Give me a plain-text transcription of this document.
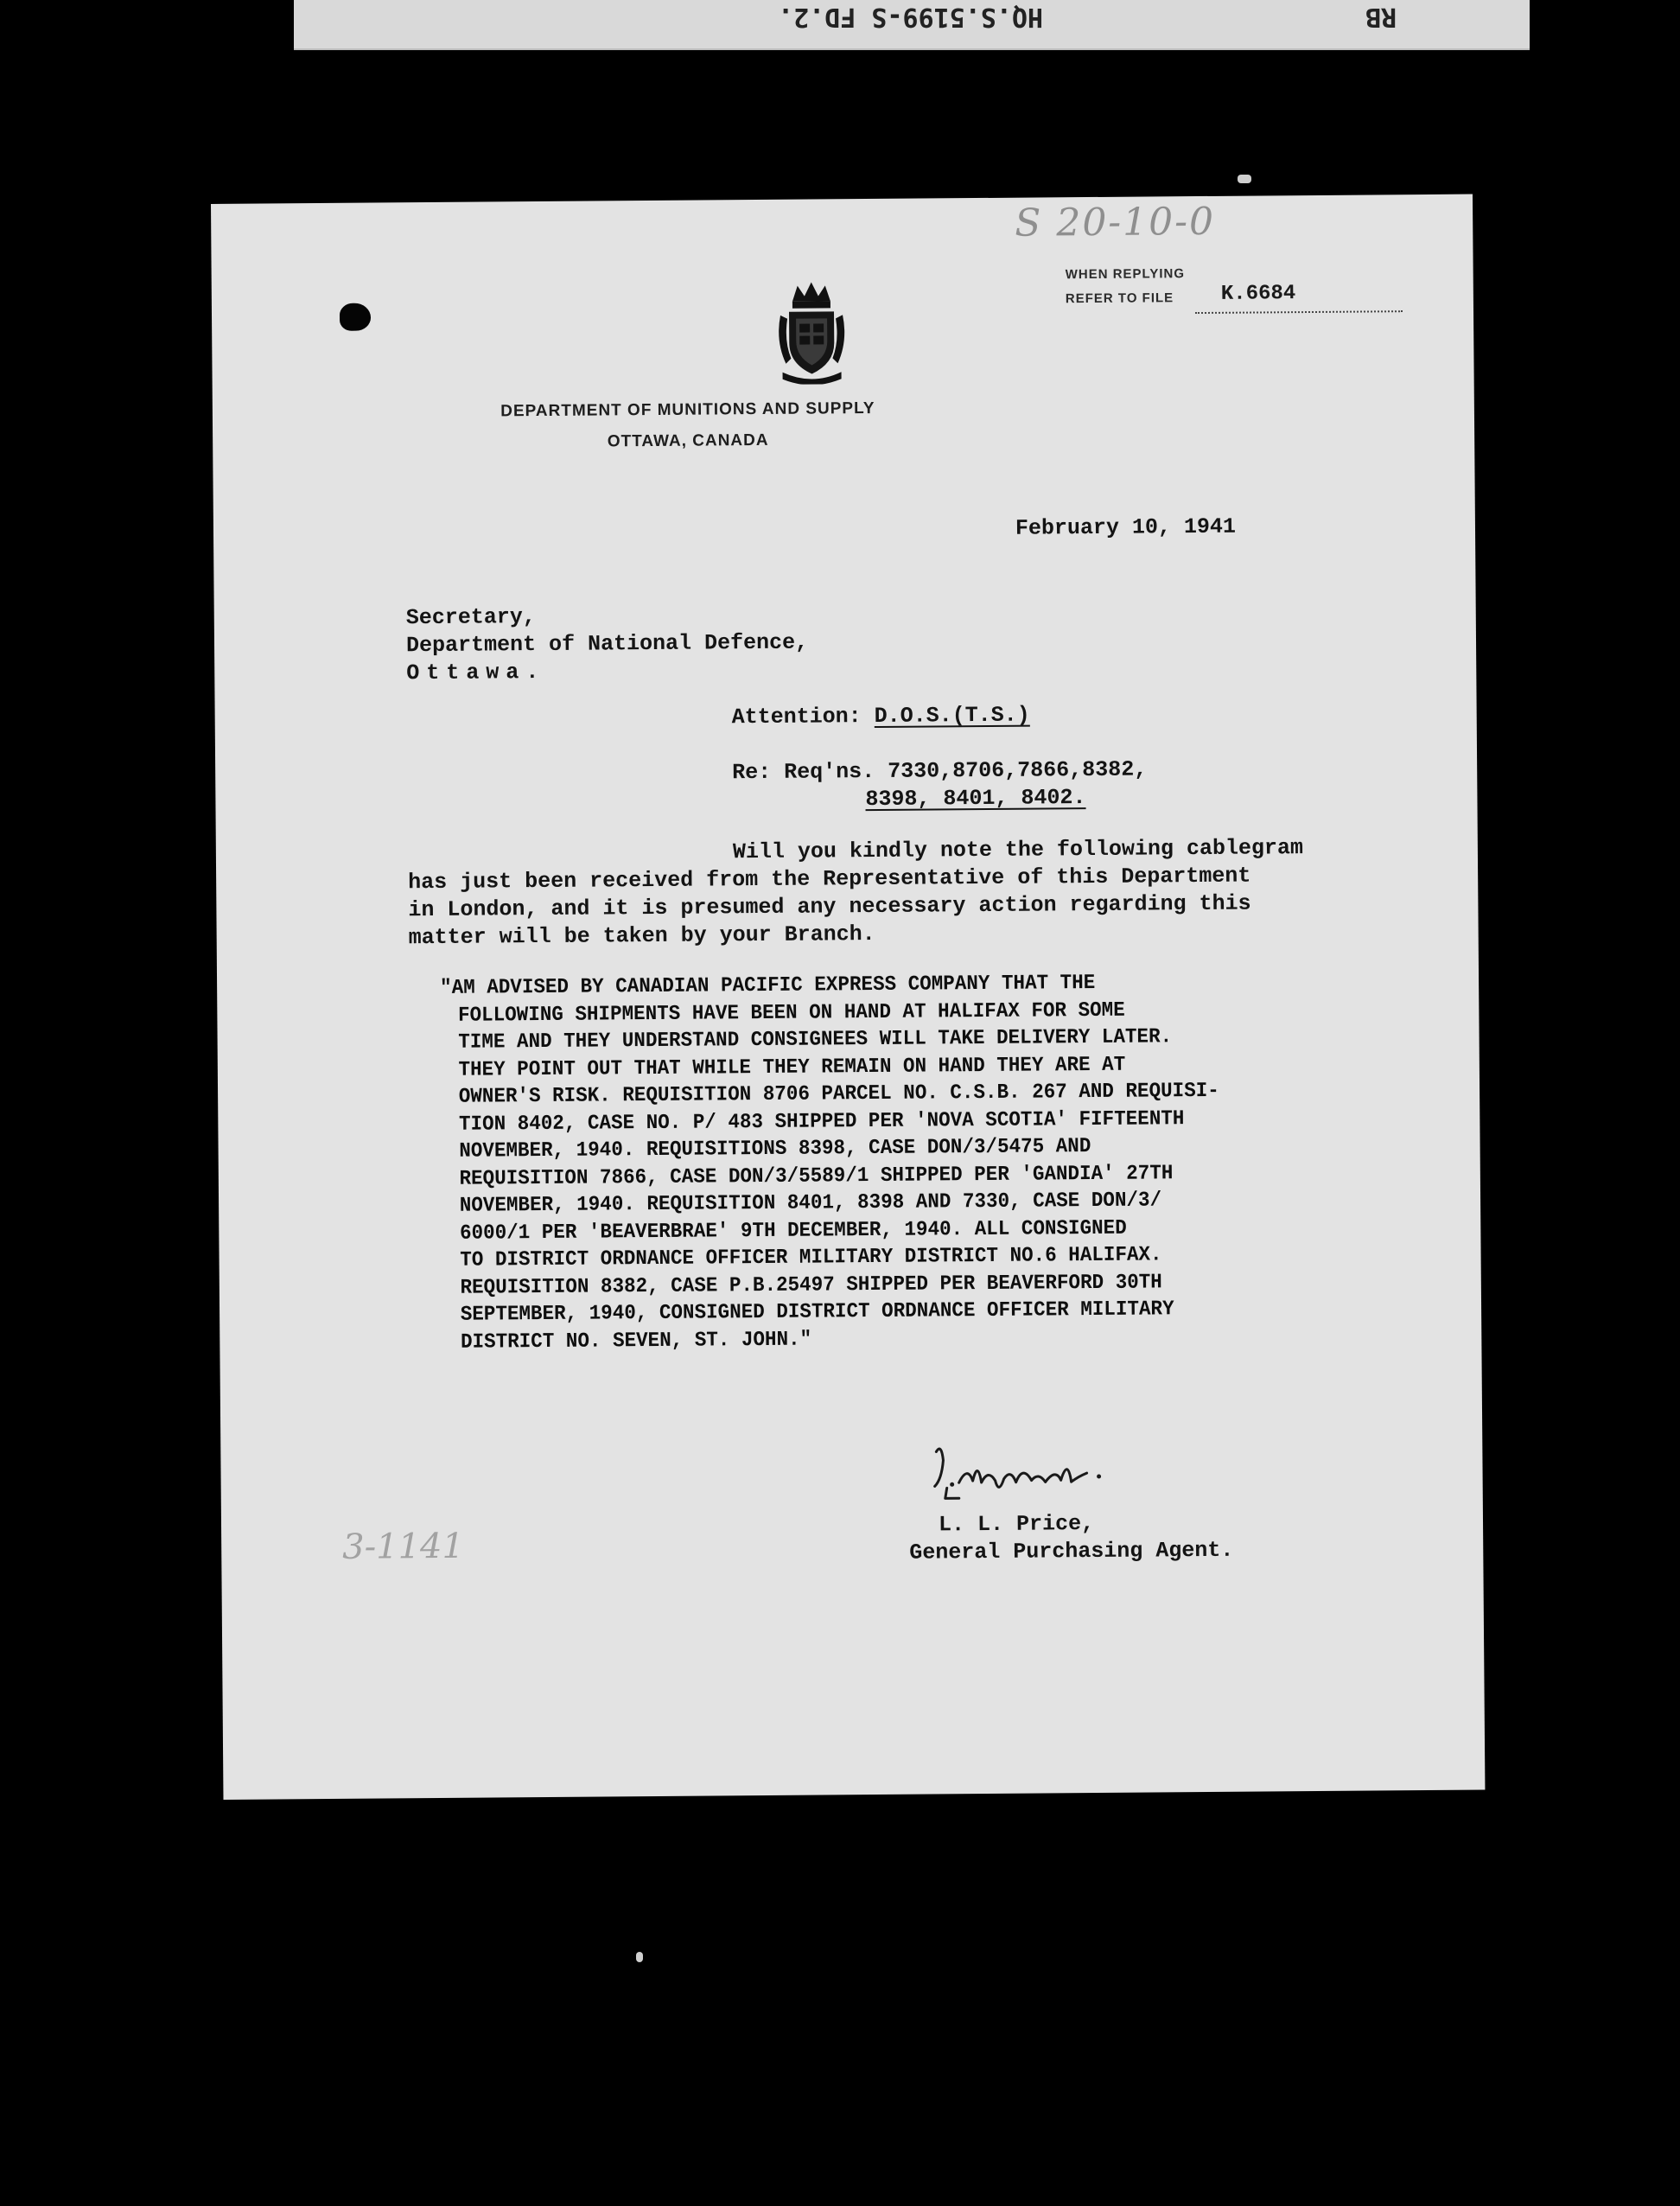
HQ.S.5199-S FD.2.	RB
S 20-10-0
WHEN REPLYING
REFER TO FILE	K.6684
DEPARTMENT OF MUNITIONS AND SUPPLY
OTTAWA, CANADA
February 10, 1941
Secretary,
Department of National Defence,
Ottawa.
Attention: D.O.S.(T.S.)
Re: Req'ns. 7330,8706,7866,8382,
8398, 8401, 8402.
Will you kindly note the following cablegram
has just been received from the Representative of this Department
in London, and it is presumed any necessary action regarding this
matter will be taken by your Branch.
"AM ADVISED BY CANADIAN PACIFIC EXPRESS COMPANY THAT THE
FOLLOWING SHIPMENTS HAVE BEEN ON HAND AT HALIFAX FOR SOME
TIME AND THEY UNDERSTAND CONSIGNEES WILL TAKE DELIVERY LATER.
THEY POINT OUT THAT WHILE THEY REMAIN ON HAND THEY ARE AT
OWNER'S RISK. REQUISITION 8706 PARCEL NO. C.S.B. 267 AND REQUISI-
TION 8402, CASE NO. P/ 483 SHIPPED PER 'NOVA SCOTIA' FIFTEENTH
NOVEMBER, 1940. REQUISITIONS 8398, CASE DON/3/5475 AND
REQUISITION 7866, CASE DON/3/5589/1 SHIPPED PER 'GANDIA' 27TH
NOVEMBER, 1940. REQUISITION 8401, 8398 AND 7330, CASE DON/3/
6000/1 PER 'BEAVERBRAE' 9TH DECEMBER, 1940. ALL CONSIGNED
TO DISTRICT ORDNANCE OFFICER MILITARY DISTRICT NO.6 HALIFAX.
REQUISITION 8382, CASE P.B.25497 SHIPPED PER BEAVERFORD 30TH
SEPTEMBER, 1940, CONSIGNED DISTRICT ORDNANCE OFFICER MILITARY
DISTRICT NO. SEVEN, ST. JOHN."
L. L. Price,
General Purchasing Agent.
3-1141
